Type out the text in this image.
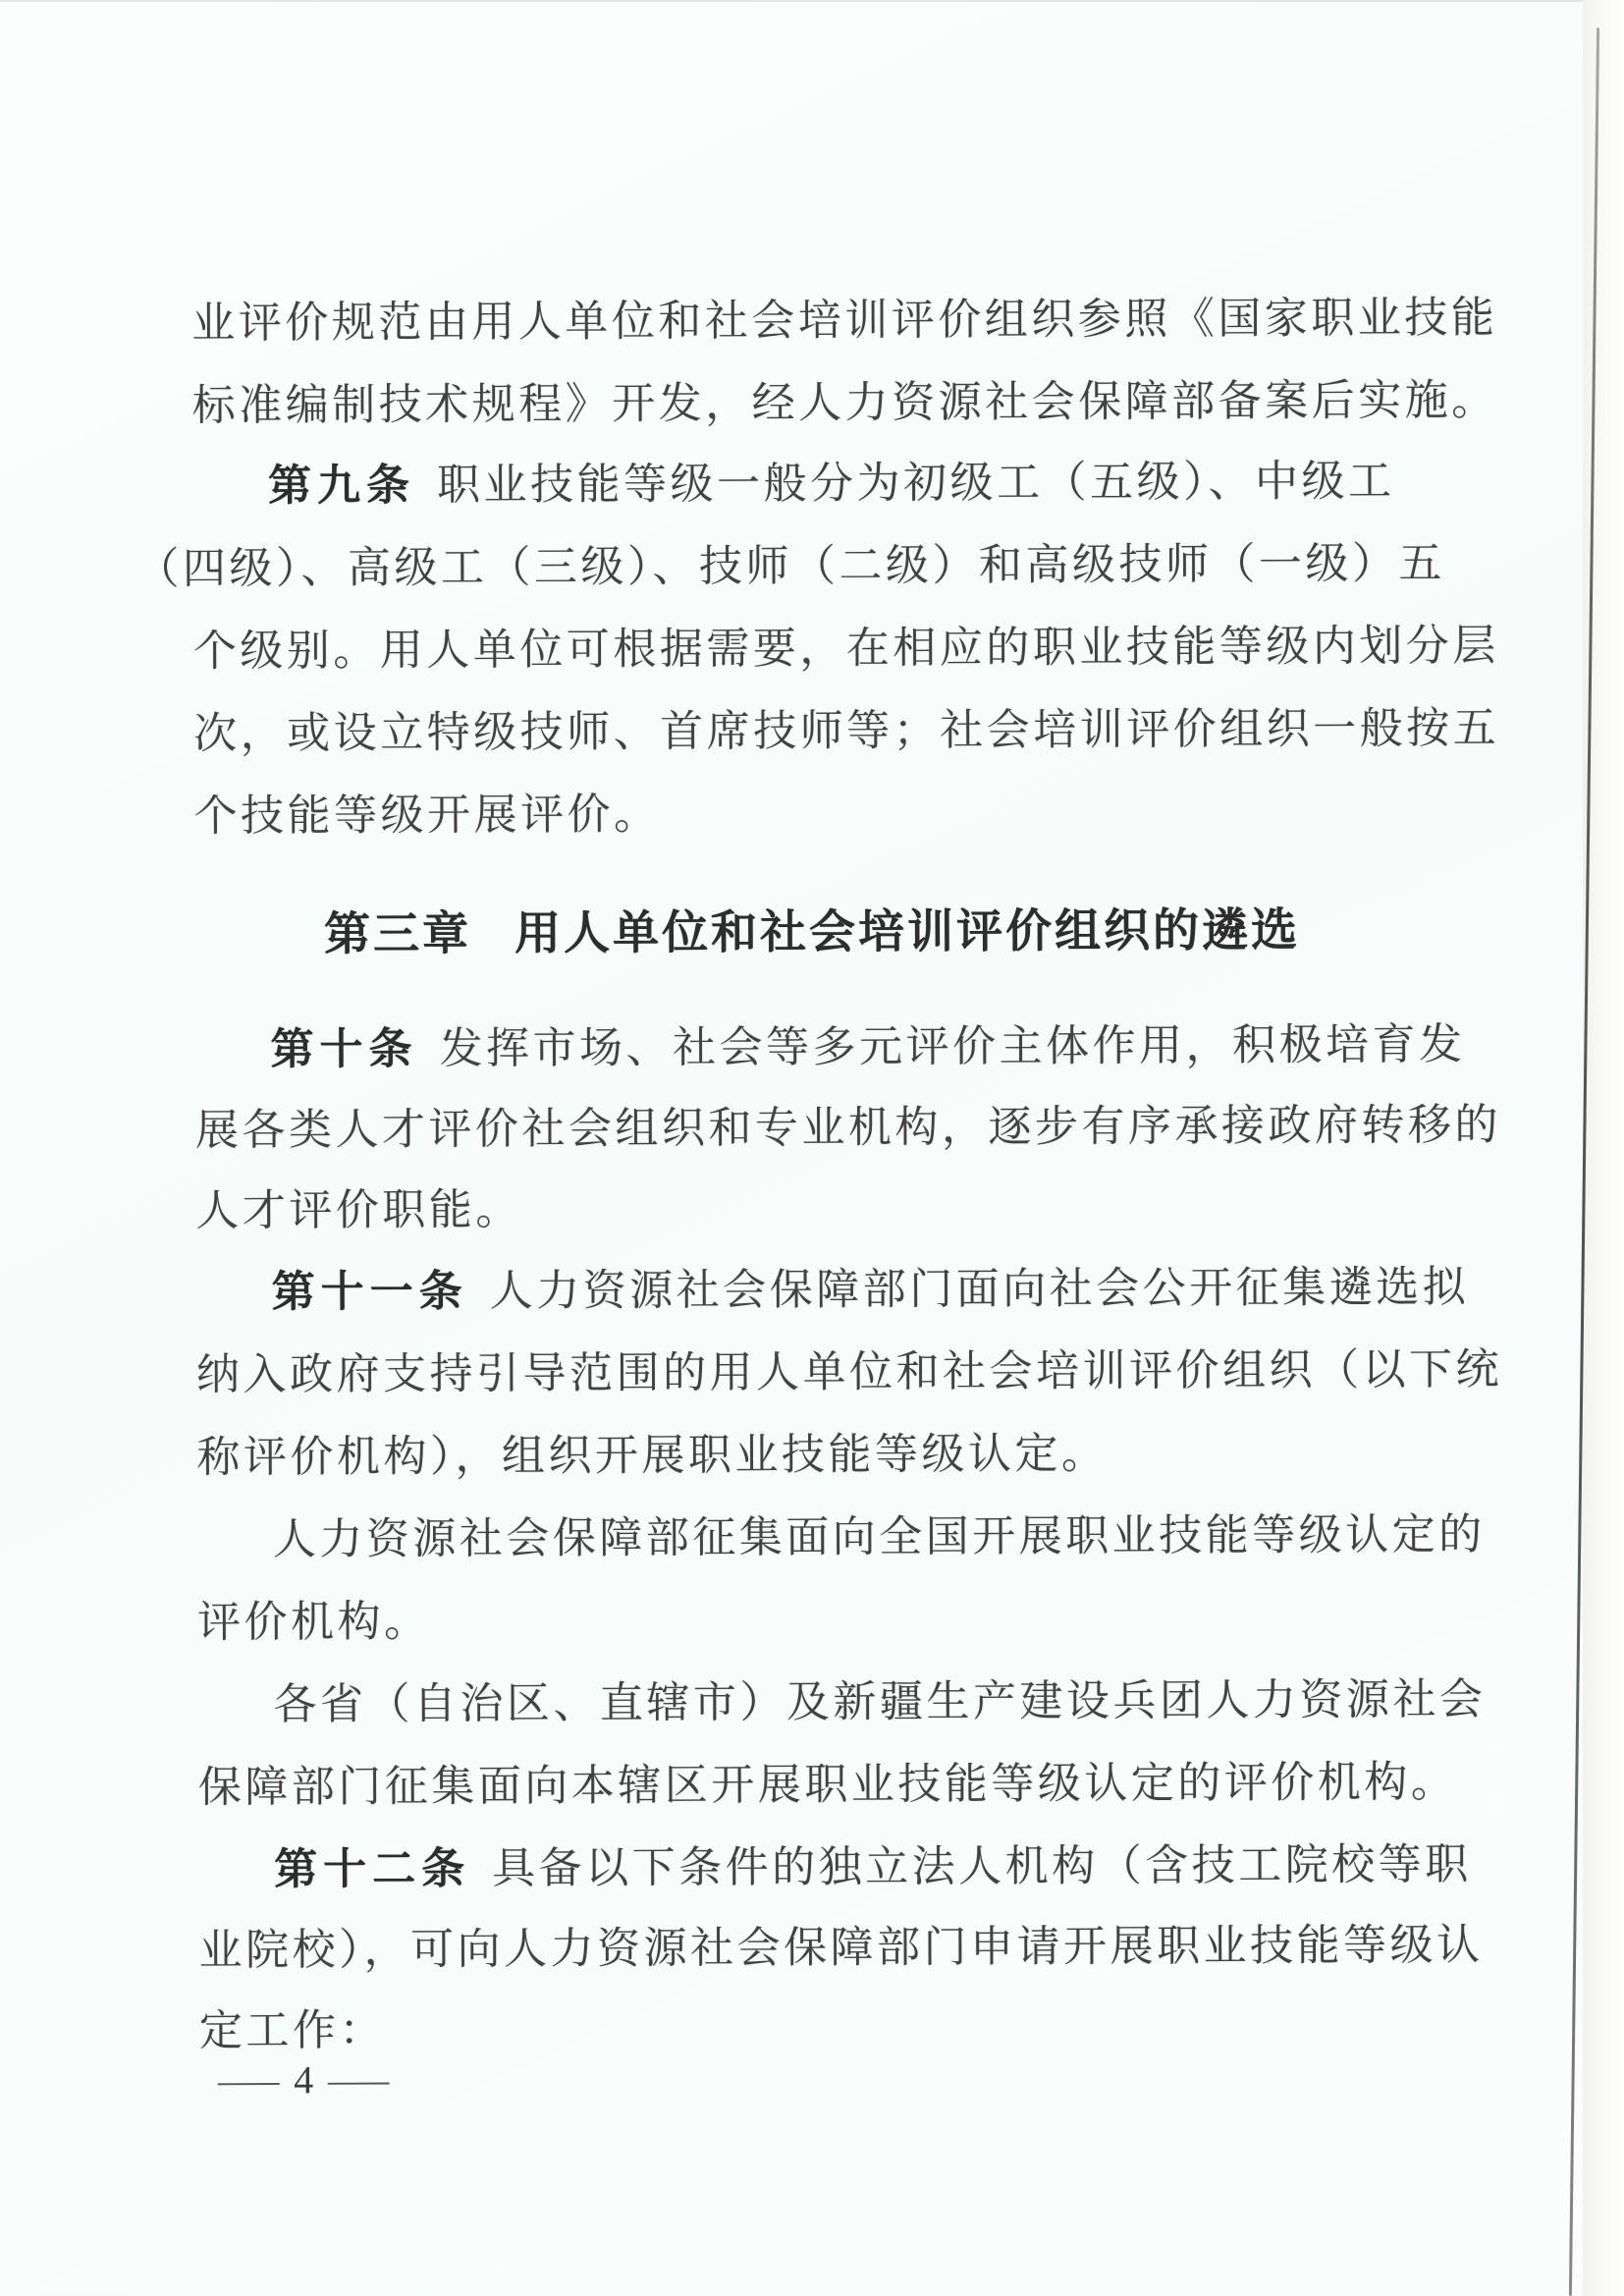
业评价规范由用人单位和社会培训评价组织参照《国家职业技能
标准编制技术规程》开发，经人力资源社会保障部备案后实施。
第九条 职业技能等级一般分为初级工（五级）、中级工
（四级）、高级工（三级）、技师（二级）和高级技师（一级）五
个级别。用人单位可根据需要，在相应的职业技能等级内划分层
次，或设立特级技师、首席技师等；社会培训评价组织一般按五
个技能等级开展评价。
第三章 用人单位和社会培训评价组织的遴选
第十条 发挥市场、社会等多元评价主体作用，积极培育发
展各类人才评价社会组织和专业机构，逐步有序承接政府转移的
人才评价职能。
第十一条 人力资源社会保障部门面向社会公开征集遴选拟
纳入政府支持引导范围的用人单位和社会培训评价组织（以下统
称评价机构），组织开展职业技能等级认定。
人力资源社会保障部征集面向全国开展职业技能等级认定的
评价机构。
各省（自治区、直辖市）及新疆生产建设兵团人力资源社会
保障部门征集面向本辖区开展职业技能等级认定的评价机构。
第十二条 具备以下条件的独立法人机构（含技工院校等职
业院校），可向人力资源社会保障部门申请开展职业技能等级认
定工作：
— 4 —
